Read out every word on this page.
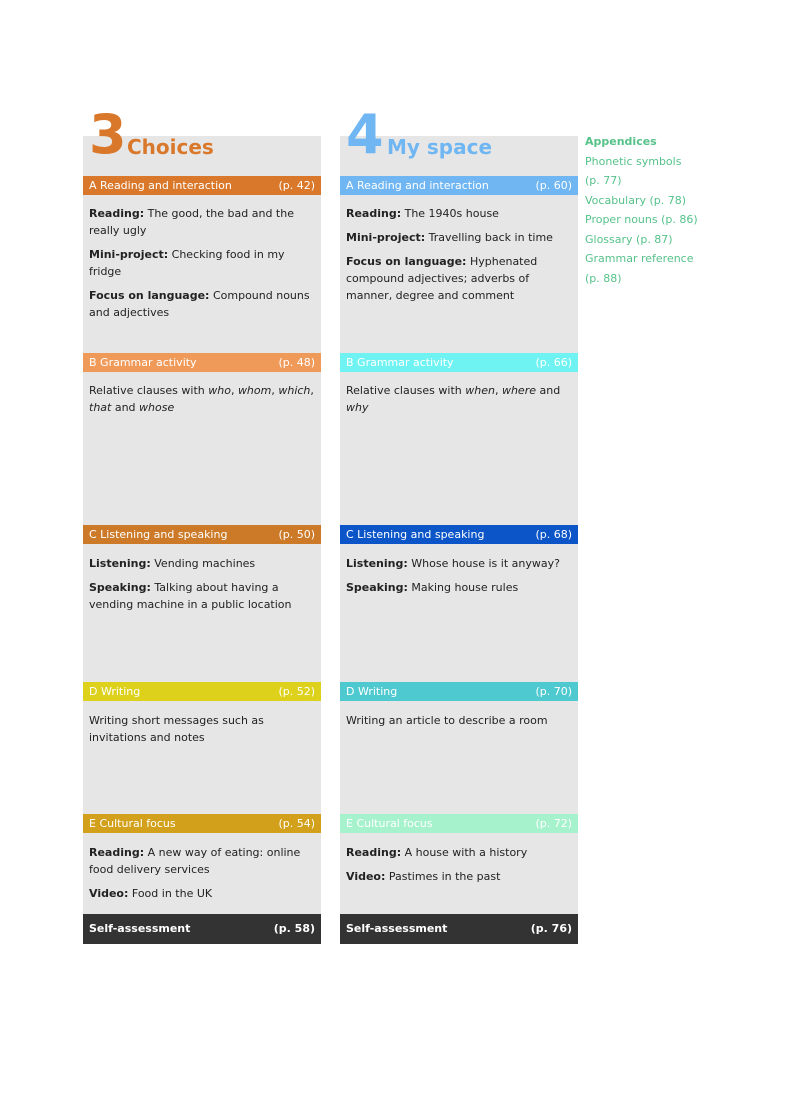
3 Choices
A Reading and interaction	(p. 42)

Reading: The good, the bad and the really ugly

Mini-project: Checking food in my fridge

Focus on language: Compound nouns and adjectives

B Grammar activity	(p. 48)

Relative clauses with who, whom, which, that and whose

C Listening and speaking	(p. 50)

Listening: Vending machines

Speaking: Talking about having a vending machine in a public location

D Writing	(p. 52)

Writing short messages such as invitations and notes

E Cultural focus	(p. 54)

Reading: A new way of eating: online food delivery services

Video: Food in the UK

Self-assessment	(p. 58)
4 My space
A Reading and interaction	(p. 60)

Reading: The 1940s house

Mini-project: Travelling back in time

Focus on language: Hyphenated compound adjectives; adverbs of manner, degree and comment

B Grammar activity	(p. 66)

Relative clauses with when, where and why

C Listening and speaking	(p. 68)

Listening: Whose house is it anyway?

Speaking: Making house rules

D Writing	(p. 70)

Writing an article to describe a room

E Cultural focus	(p. 72)

Reading: A house with a history

Video: Pastimes in the past

Self-assessment	(p. 76)
Appendices
Phonetic symbols
(p. 77)
Vocabulary (p. 78)
Proper nouns (p. 86)
Glossary (p. 87)
Grammar reference
(p. 88)
